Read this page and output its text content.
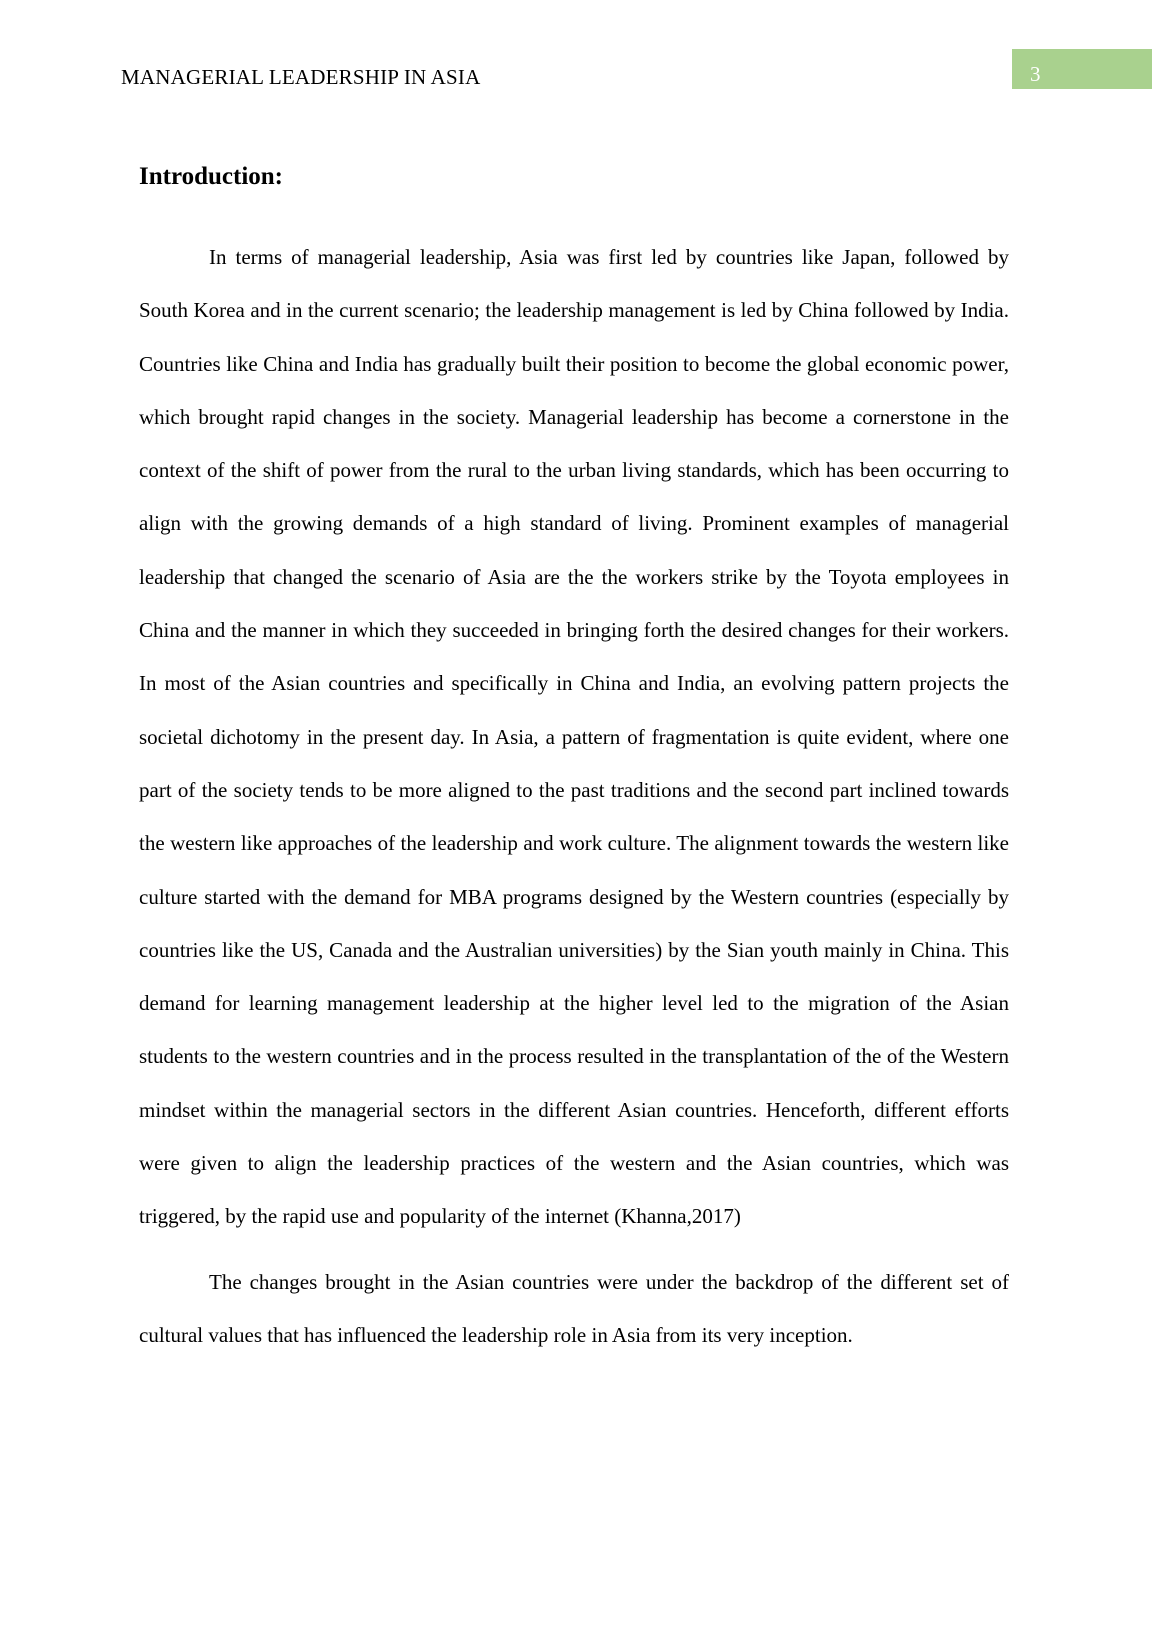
MANAGERIAL LEADERSHIP IN ASIA	3
Introduction:

In terms of managerial leadership, Asia was first led by countries like Japan, followed by South Korea and in the current scenario; the leadership management is led by China followed by India. Countries like China and India has gradually built their position to become the global economic power, which brought rapid changes in the society. Managerial leadership has become a cornerstone in the context of the shift of power from the rural to the urban living standards, which has been occurring to align with the growing demands of a high standard of living. Prominent examples of managerial leadership that changed the scenario of Asia are the the workers strike by the Toyota employees in China and the manner in which they succeeded in bringing forth the desired changes for their workers. In most of the Asian countries and specifically in China and India, an evolving pattern projects the societal dichotomy in the present day. In Asia, a pattern of fragmentation is quite evident, where one part of the society tends to be more aligned to the past traditions and the second part inclined towards the western like approaches of the leadership and work culture. The alignment towards the western like culture started with the demand for MBA programs designed by the Western countries (especially by countries like the US, Canada and the Australian universities) by the Sian youth mainly in China. This demand for learning management leadership at the higher level led to the migration of the Asian students to the western countries and in the process resulted in the transplantation of the of the Western mindset within the managerial sectors in the different Asian countries. Henceforth, different efforts were given to align the leadership practices of the western and the Asian countries, which was triggered, by the rapid use and popularity of the internet (Khanna,2017)

The changes brought in the Asian countries were under the backdrop of the different set of cultural values that has influenced the leadership role in Asia from its very inception.
